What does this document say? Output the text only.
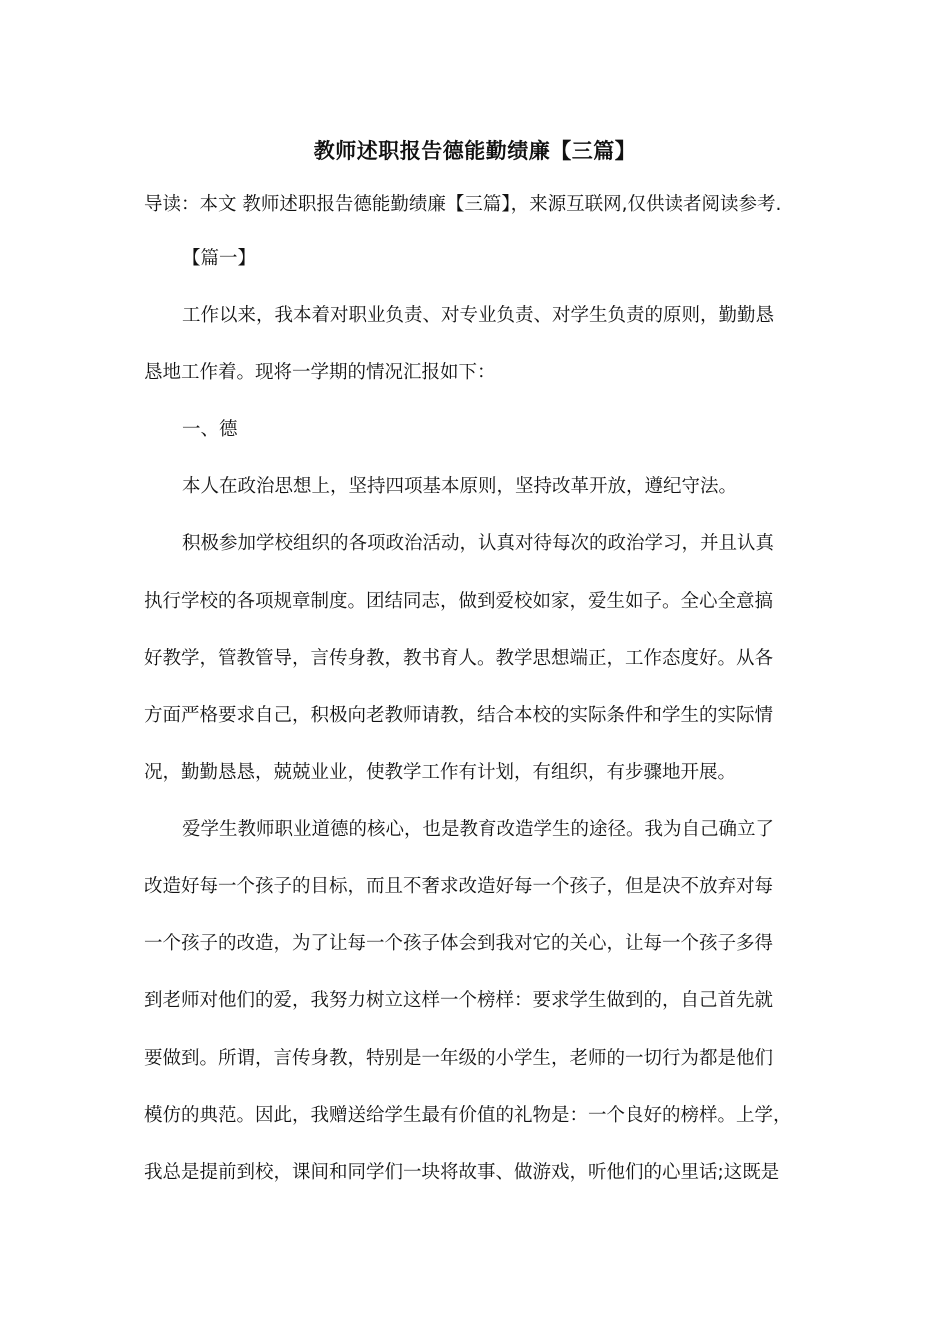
教师述职报告德能勤绩廉【三篇】
导读：本文 教师述职报告德能勤绩廉【三篇】，来源互联网,仅供读者阅读参考.
【篇一】
工作以来，我本着对职业负责、对专业负责、对学生负责的原则，勤勤恳
恳地工作着。现将一学期的情况汇报如下：
一、德
本人在政治思想上，坚持四项基本原则，坚持改革开放，遵纪守法。
积极参加学校组织的各项政治活动，认真对待每次的政治学习，并且认真
执行学校的各项规章制度。团结同志，做到爱校如家，爱生如子。全心全意搞
好教学，管教管导，言传身教，教书育人。教学思想端正，工作态度好。从各
方面严格要求自己，积极向老教师请教，结合本校的实际条件和学生的实际情
况，勤勤恳恳，兢兢业业，使教学工作有计划，有组织，有步骤地开展。
爱学生教师职业道德的核心，也是教育改造学生的途径。我为自己确立了
改造好每一个孩子的目标，而且不奢求改造好每一个孩子，但是决不放弃对每
一个孩子的改造，为了让每一个孩子体会到我对它的关心，让每一个孩子多得
到老师对他们的爱，我努力树立这样一个榜样：要求学生做到的，自己首先就
要做到。所谓，言传身教，特别是一年级的小学生，老师的一切行为都是他们
模仿的典范。因此，我赠送给学生最有价值的礼物是：一个良好的榜样。上学，
我总是提前到校，课间和同学们一块将故事、做游戏，听他们的心里话;这既是
